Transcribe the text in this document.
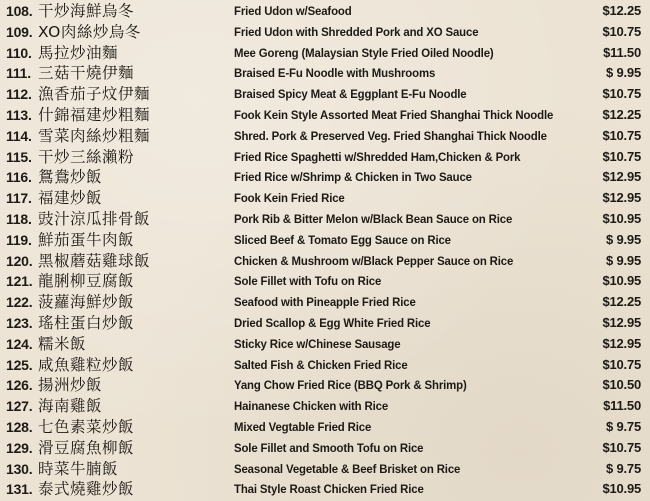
108. 干炒海鮮烏冬	Fried Udon w/Seafood	$12.25
109. XO肉絲炒烏冬	Fried Udon with Shredded Pork and XO Sauce	$10.75
110. 馬拉炒油麵	Mee Goreng (Malaysian Style Fried Oiled Noodle)	$11.50
111. 三菇干燒伊麵	Braised E-Fu Noodle with Mushrooms	$ 9.95
112. 漁香茄子炆伊麵	Braised Spicy Meat & Eggplant E-Fu Noodle	$10.75
113. 什錦福建炒粗麵	Fook Kein Style Assorted Meat Fried Shanghai Thick Noodle	$12.25
114. 雪菜肉絲炒粗麵	Shred. Pork & Preserved Veg. Fried Shanghai Thick Noodle	$10.75
115. 干炒三絲瀨粉	Fried Rice Spaghetti w/Shredded Ham,Chicken & Pork	$10.75
116. 鴛鴦炒飯	Fried Rice w/Shrimp & Chicken in Two Sauce	$12.95
117. 福建炒飯	Fook Kein Fried Rice	$12.95
118. 豉汁涼瓜排骨飯	Pork Rib & Bitter Melon w/Black Bean Sauce on Rice	$10.95
119. 鮮茄蛋牛肉飯	Sliced Beef & Tomato Egg Sauce on Rice	$ 9.95
120. 黑椒蘑菇雞球飯	Chicken & Mushroom w/Black Pepper Sauce on Rice	$ 9.95
121. 龍脷柳豆腐飯	Sole Fillet with Tofu on Rice	$10.95
122. 菠蘿海鮮炒飯	Seafood with Pineapple Fried Rice	$12.25
123. 瑤柱蛋白炒飯	Dried Scallop & Egg White Fried Rice	$12.95
124. 糯米飯	Sticky Rice w/Chinese Sausage	$12.95
125. 咸魚雞粒炒飯	Salted Fish & Chicken Fried Rice	$10.75
126. 揚洲炒飯	Yang Chow Fried Rice (BBQ Pork & Shrimp)	$10.50
127. 海南雞飯	Hainanese Chicken with Rice	$11.50
128. 七色素菜炒飯	Mixed Vegtable Fried Rice	$ 9.75
129. 滑豆腐魚柳飯	Sole Fillet and Smooth Tofu on Rice	$10.75
130. 時菜牛腩飯	Seasonal Vegetable & Beef Brisket on Rice	$ 9.75
131. 泰式燒雞炒飯	Thai Style Roast Chicken Fried Rice	$10.95
